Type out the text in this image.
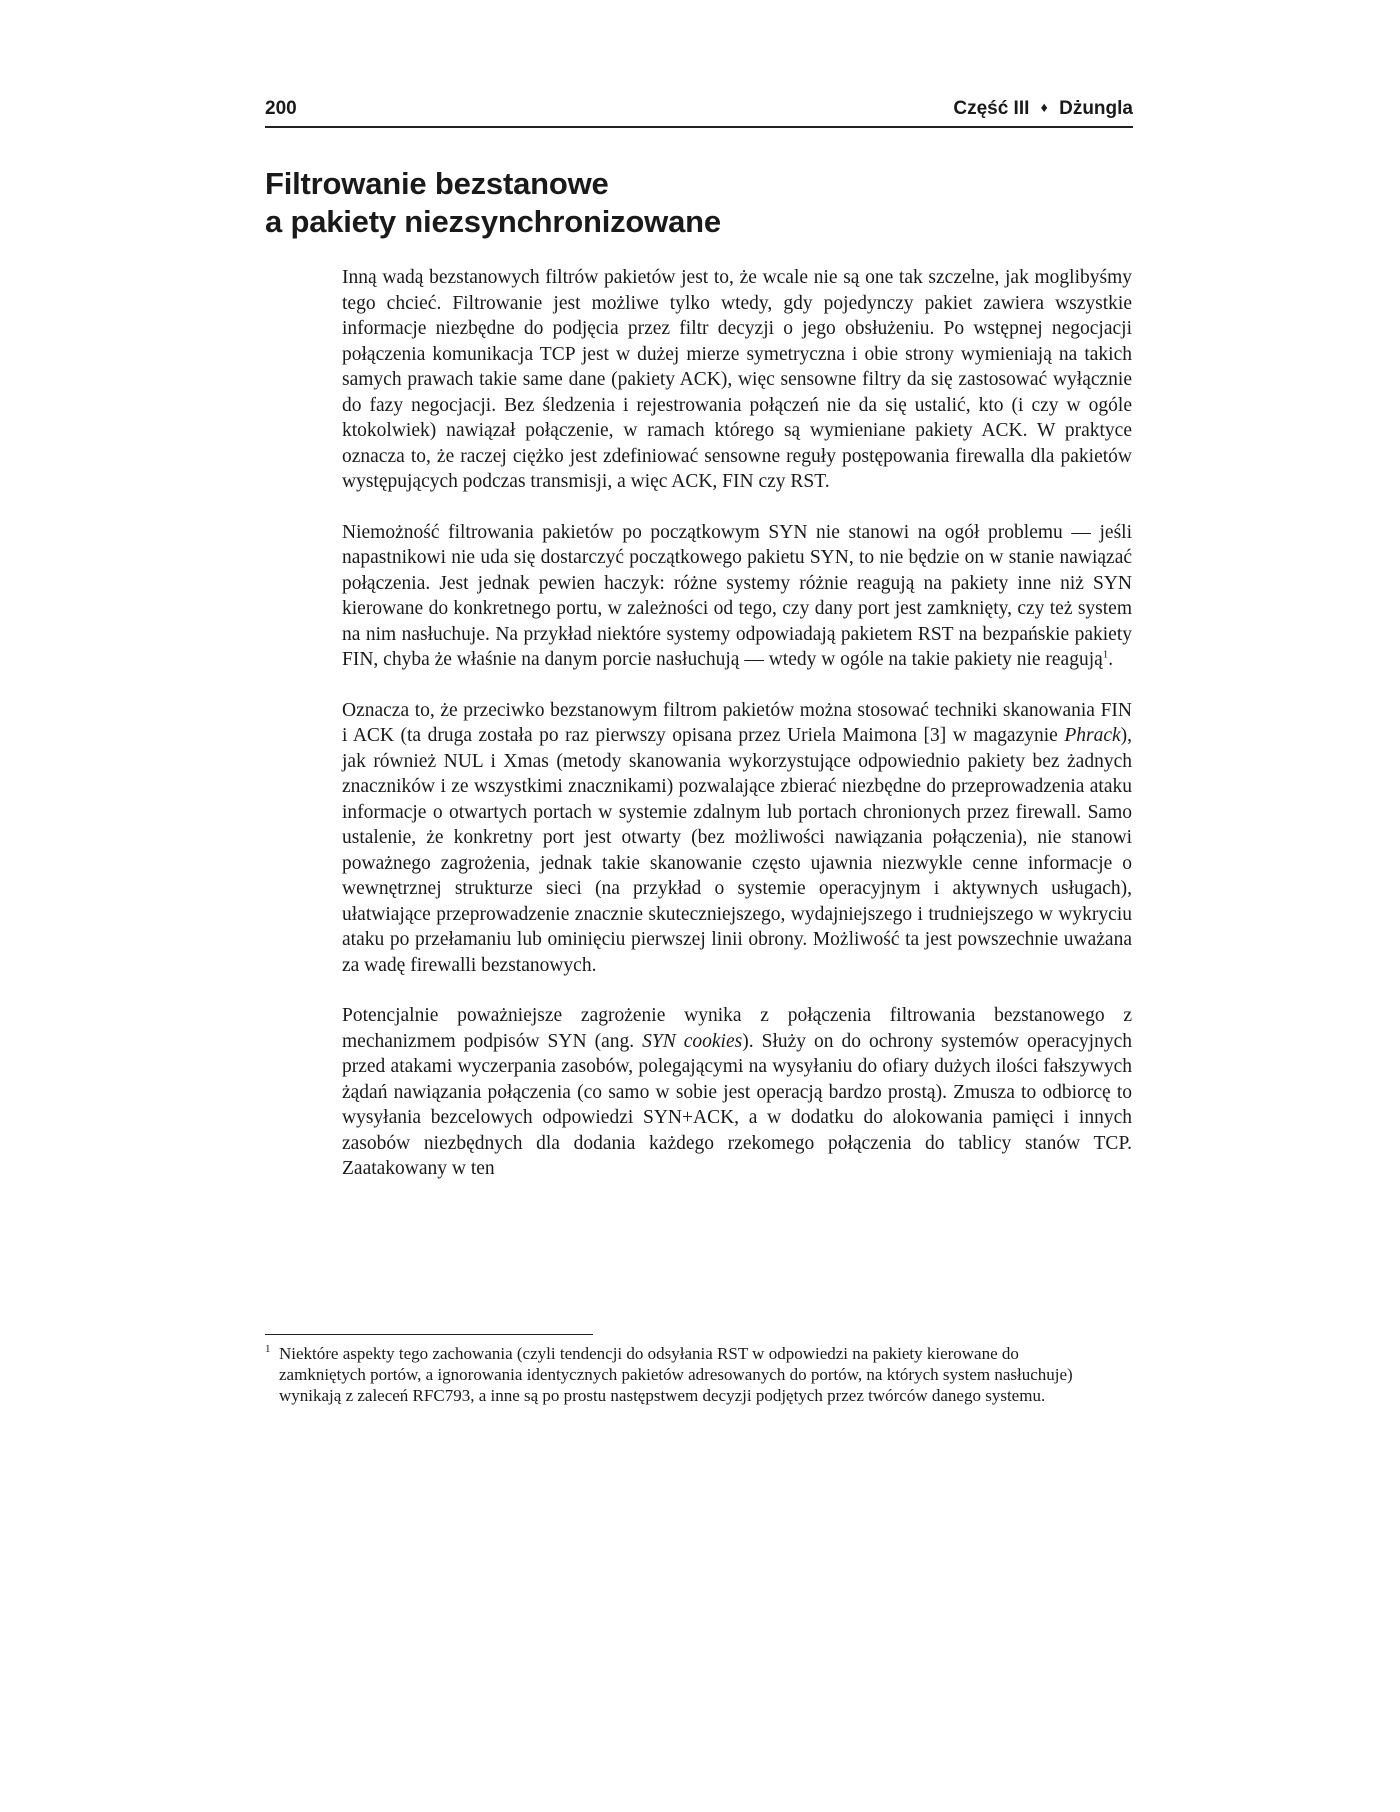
200	Część III ♦ Dżungla
Filtrowanie bezstanowe
a pakiety niezsynchronizowane

Inną wadą bezstanowych filtrów pakietów jest to, że wcale nie są one tak szczelne, jak moglibyśmy tego chcieć. Filtrowanie jest możliwe tylko wtedy, gdy pojedynczy pakiet zawiera wszystkie informacje niezbędne do podjęcia przez filtr decyzji o jego obsłużeniu. Po wstępnej negocjacji połączenia komunikacja TCP jest w dużej mierze symetryczna i obie strony wymieniają na takich samych prawach takie same dane (pakiety ACK), więc sensowne filtry da się zastosować wyłącznie do fazy negocjacji. Bez śledzenia i rejestrowania połączeń nie da się ustalić, kto (i czy w ogóle ktokolwiek) nawiązał połączenie, w ramach którego są wymieniane pakiety ACK. W praktyce oznacza to, że raczej ciężko jest zdefiniować sensowne reguły postępowania firewalla dla pakietów występujących podczas transmisji, a więc ACK, FIN czy RST.

Niemożność filtrowania pakietów po początkowym SYN nie stanowi na ogół problemu — jeśli napastnikowi nie uda się dostarczyć początkowego pakietu SYN, to nie będzie on w stanie nawiązać połączenia. Jest jednak pewien haczyk: różne systemy różnie reagują na pakiety inne niż SYN kierowane do konkretnego portu, w zależności od tego, czy dany port jest zamknięty, czy też system na nim nasłuchuje. Na przykład niektóre systemy odpowiadają pakietem RST na bezpańskie pakiety FIN, chyba że właśnie na danym porcie nasłuchują — wtedy w ogóle na takie pakiety nie reagują$^1$.

Oznacza to, że przeciwko bezstanowym filtrom pakietów można stosować techniki skanowania FIN i ACK (ta druga została po raz pierwszy opisana przez Uriela Maimona [3] w magazynie Phrack), jak również NUL i Xmas (metody skanowania wykorzystujące odpowiednio pakiety bez żadnych znaczników i ze wszystkimi znacznikami) pozwalające zbierać niezbędne do przeprowadzenia ataku informacje o otwartych portach w systemie zdalnym lub portach chronionych przez firewall. Samo ustalenie, że konkretny port jest otwarty (bez możliwości nawiązania połączenia), nie stanowi poważnego zagrożenia, jednak takie skanowanie często ujawnia niezwykle cenne informacje o wewnętrznej strukturze sieci (na przykład o systemie operacyjnym i aktywnych usługach), ułatwiające przeprowadzenie znacznie skuteczniejszego, wydajniejszego i trudniejszego w wykryciu ataku po przełamaniu lub ominięciu pierwszej linii obrony. Możliwość ta jest powszechnie uważana za wadę firewalli bezstanowych.

Potencjalnie poważniejsze zagrożenie wynika z połączenia filtrowania bezstanowego z mechanizmem podpisów SYN (ang. SYN cookies). Służy on do ochrony systemów operacyjnych przed atakami wyczerpania zasobów, polegającymi na wysyłaniu do ofiary dużych ilości fałszywych żądań nawiązania połączenia (co samo w sobie jest operacją bardzo prostą). Zmusza to odbiorcę to wysyłania bezcelowych odpowiedzi SYN+ACK, a w dodatku do alokowania pamięci i innych zasobów niezbędnych dla dodania każdego rzekomego połączenia do tablicy stanów TCP. Zaatakowany w ten

1 Niektóre aspekty tego zachowania (czyli tendencji do odsyłania RST w odpowiedzi na pakiety kierowane do zamkniętych portów, a ignorowania identycznych pakietów adresowanych do portów, na których system nasłuchuje) wynikają z zaleceń RFC793, a inne są po prostu następstwem decyzji podjętych przez twórców danego systemu.
